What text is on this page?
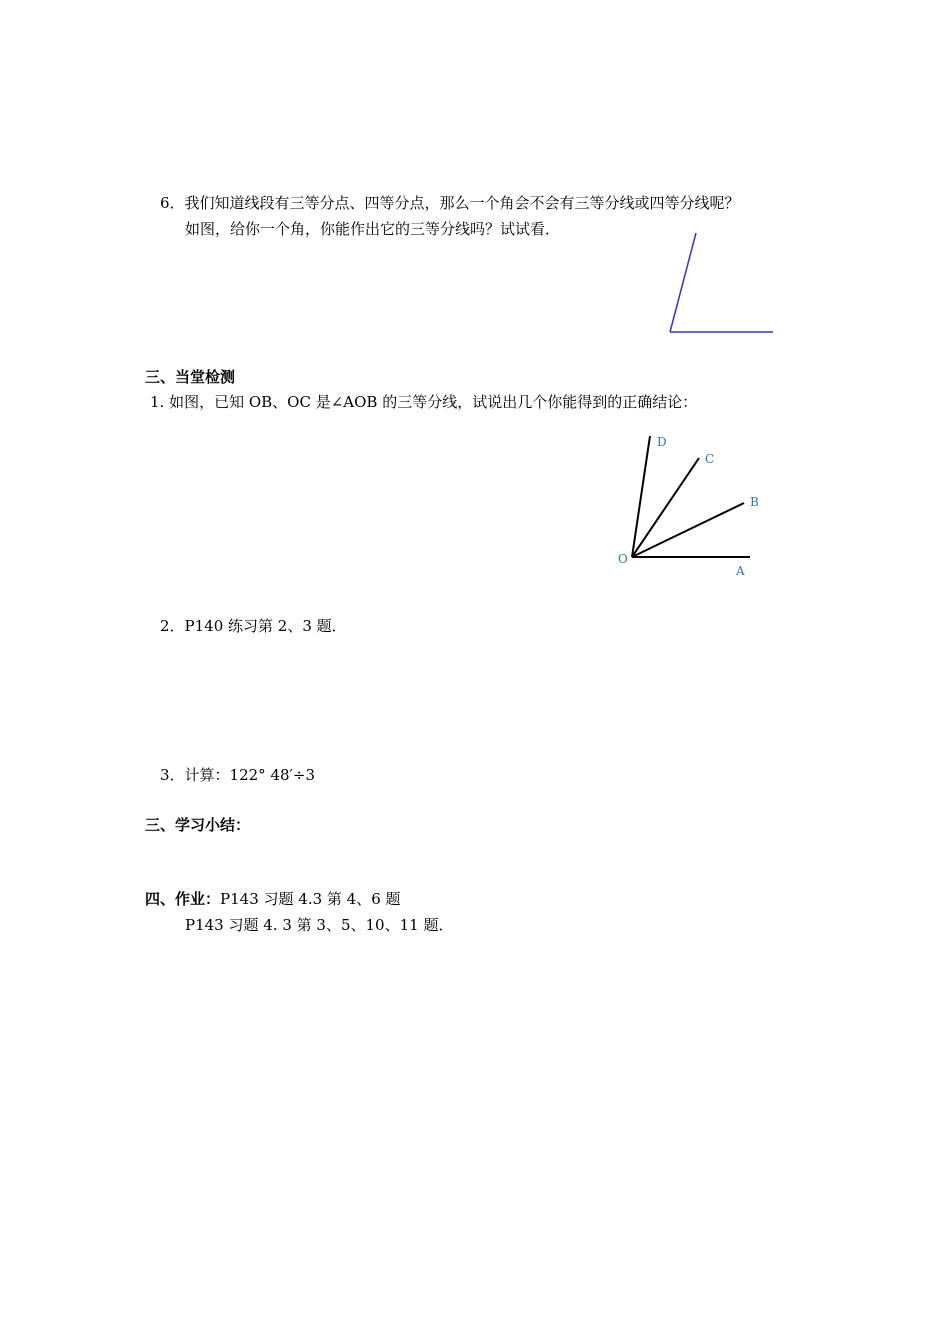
6．我们知道线段有三等分点、四等分点，那么一个角会不会有三等分线或四等分线呢？
如图，给你一个角，你能作出它的三等分线吗？试试看．
三、当堂检测
1. 如图，已知 OB、OC 是∠AOB 的三等分线，试说出几个你能得到的正确结论：
D
C
B
O
A
2．P140 练习第 2、3 题．
3．计算：122° 48′÷3
三、学习小结：
四、作业：P143 习题 4.3 第 4、6 题
P143 习题 4. 3 第 3、5、10、11 题．
